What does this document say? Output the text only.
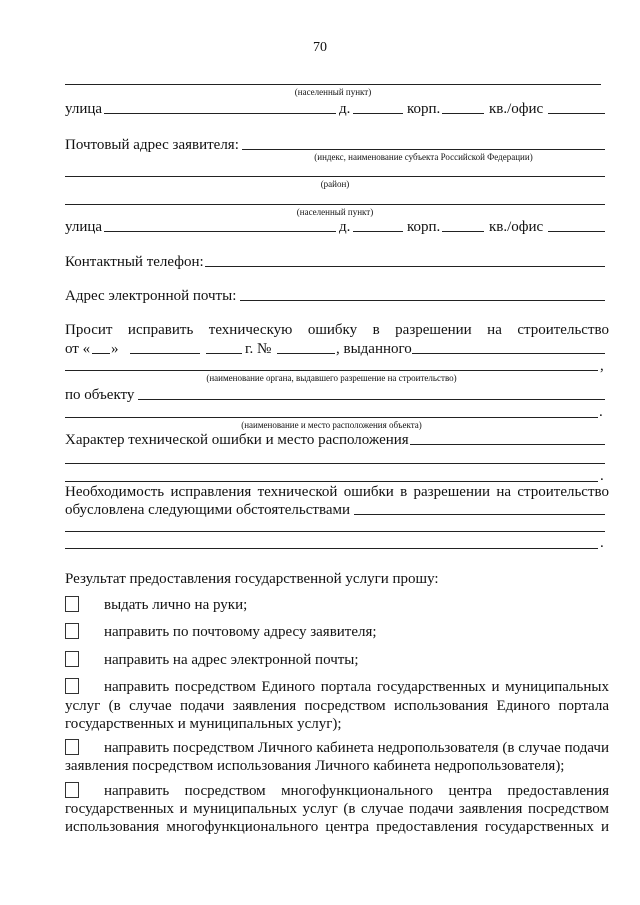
70
(населенный пункт)
улица	д.	корп.	кв./офис
Почтовый адрес заявителя:
(индекс, наименование субъекта Российской Федерации)
(район)
(населенный пункт)
улица	д.	корп.	кв./офис
Контактный телефон:
Адрес электронной почты:
Просит исправить техническую ошибку в разрешении на строительство
от « »	г. №	, выданного
,
(наименование органа, выдавшего разрешение на строительство)
по объекту
.
(наименование и место расположения объекта)
Характер технической ошибки и место расположения
.
Необходимость исправления технической ошибки в разрешении на строительство
обусловлена следующими обстоятельствами
.
Результат предоставления государственной услуги прошу:
выдать лично на руки;
направить по почтовому адресу заявителя;
направить на адрес электронной почты;
направить посредством Единого портала государственных и муниципальных
услуг (в случае подачи заявления посредством использования Единого портала
государственных и муниципальных услуг);
направить посредством Личного кабинета недропользователя (в случае подачи
заявления посредством использования Личного кабинета недропользователя);
направить посредством многофункционального центра предоставления
государственных и муниципальных услуг (в случае подачи заявления посредством
использования многофункционального центра предоставления государственных и
